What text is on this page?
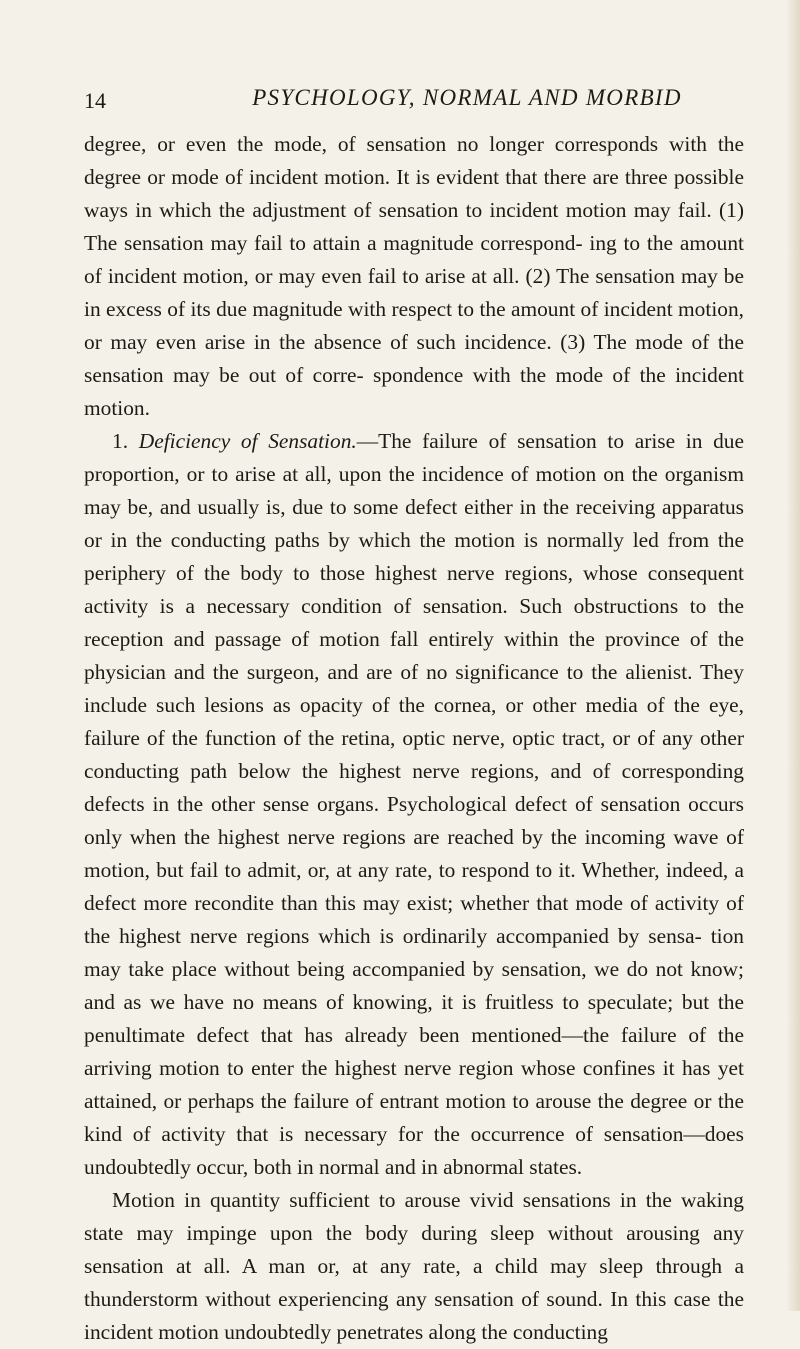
14	PSYCHOLOGY, NORMAL AND MORBID

degree, or even the mode, of sensation no longer corresponds with the degree or mode of incident motion. It is evident that there are three possible ways in which the adjustment of sensation to incident motion may fail. (1) The sensation may fail to attain a magnitude correspond- ing to the amount of incident motion, or may even fail to arise at all. (2) The sensation may be in excess of its due magnitude with respect to the amount of incident motion, or may even arise in the absence of such incidence. (3) The mode of the sensation may be out of corre- spondence with the mode of the incident motion.

1. Deficiency of Sensation.—The failure of sensation to arise in due proportion, or to arise at all, upon the incidence of motion on the organism may be, and usually is, due to some defect either in the receiving apparatus or in the conducting paths by which the motion is normally led from the periphery of the body to those highest nerve regions, whose consequent activity is a necessary condition of sensation. Such obstructions to the reception and passage of motion fall entirely within the province of the physician and the surgeon, and are of no significance to the alienist. They include such lesions as opacity of the cornea, or other media of the eye, failure of the function of the retina, optic nerve, optic tract, or of any other conducting path below the highest nerve regions, and of corresponding defects in the other sense organs. Psychological defect of sensation occurs only when the highest nerve regions are reached by the incoming wave of motion, but fail to admit, or, at any rate, to respond to it. Whether, indeed, a defect more recondite than this may exist; whether that mode of activity of the highest nerve regions which is ordinarily accompanied by sensa- tion may take place without being accompanied by sensation, we do not know; and as we have no means of knowing, it is fruitless to speculate; but the penultimate defect that has already been mentioned—the failure of the arriving motion to enter the highest nerve region whose confines it has yet attained, or perhaps the failure of entrant motion to arouse the degree or the kind of activity that is necessary for the occurrence of sensation—does undoubtedly occur, both in normal and in abnormal states.

Motion in quantity sufficient to arouse vivid sensations in the waking state may impinge upon the body during sleep without arousing any sensation at all. A man or, at any rate, a child may sleep through a thunderstorm without experiencing any sensation of sound. In this case the incident motion undoubtedly penetrates along the conducting
